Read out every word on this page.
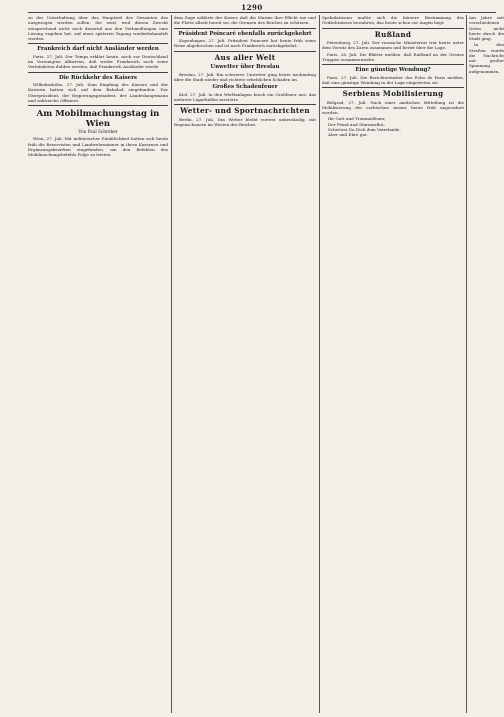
1290

zu der Unterhaltung über das Hauptziel des Gesamten des ausgezogen werden sollen. Sie wird, weil diesen Zweckt entsprechend nicht noch dauernd aus den Verhandlungen eine Lösung ergeben hat, auf einer späteren Tagung wiederbehandelt werden.

Frankreich darf nicht Ausländer werden

Paris, 27. Juli. Der Temps erklärt heute, noch vor Deutschland im Vereinigten Alliierten, daß weder Frankreich noch seine Verbündeten dulden werden, daß Frankreich Ausländer werde.

Die Rückkehr des Kaisers

Wilhelmshöhe, 27. Juli. Zum Empfang des Kaisers und der Kaiserin hatten sich auf dem Bahnhof eingefunden: Der Oberpräsident, der Regierungspräsident, der Landeshauptmann und zahlreiche Offiziere.

Am Mobilmachungstag in Wien
Von Paul Schreber

Wien, 27. Juli. Mit militärischer Pünktlichkeit hatten sich heute früh die Reservisten und Landwehrmänner in ihren Kasernen und Ergänzungsbezirken eingefunden, um den Befehlen des Mobilmachungsbefehls Folge zu leisten.

dem Zuge erklärte der Kaiser, daß die Marine ihre Pflicht tue und die Flotte allzeit bereit sei, die Grenzen des Reiches zu schützen.

Präsident Poincaré ebenfalls zurückgekehrt

Kopenhagen, 27. Juli. Präsident Poincaré hat heute früh seine Reise abgebrochen und ist nach Frankreich zurückgekehrt.

Aus aller Welt
Unwetter über Breslau

Breslau, 27. Juli. Ein schweres Unwetter ging heute nachmittag über die Stadt nieder und richtete erheblichen Schaden an.

Großes Schadenfeuer

Kiel, 27. Juli. In den Werftanlagen brach ein Großfeuer aus, das mehrere Lagerhallen zerstörte.

Wetter- und Sportnachrichten

Berlin, 27. Juli. Das Wetter bleibt vorerst unbeständig, mit Regenschauern im Westen des Reiches.

Spekulationen mußte sich die kürzere Bestimmung des Gedächtnisses bewahren, das heute schon vor Augen liegt.

Rußland

Petersburg, 27. Juli. Der russische Ministerrat trat heute unter dem Vorsitz des Zaren zusammen und beriet über die Lage.

Paris, 26. Juli. Die Blätter melden, daß Rußland an der Grenze Truppen zusammenziehe.

Eine günstige Wendung?

Paris, 27. Juli. Die Berichterstatter des Echo de Paris melden, daß eine günstige Wendung in der Lage eingetreten sei.

Serbiens Mobilisierung

Belgrad, 27. Juli. Nach einer amtlichen Mitteilung ist die Mobilisierung der serbischen Armee heute früh angeordnet worden.

Ihr Gott und Trommelfeuer,
Der Feind und Sturmesflut,
Schwörst Du Dich dem Vaterlande,
Aber und Ehre gut.

Am Jahre mit verschiedenen Orten nicht heute durch die Stadt ging.

In den Straßen wurde die Nachricht mit großer Spannung aufgenommen.
